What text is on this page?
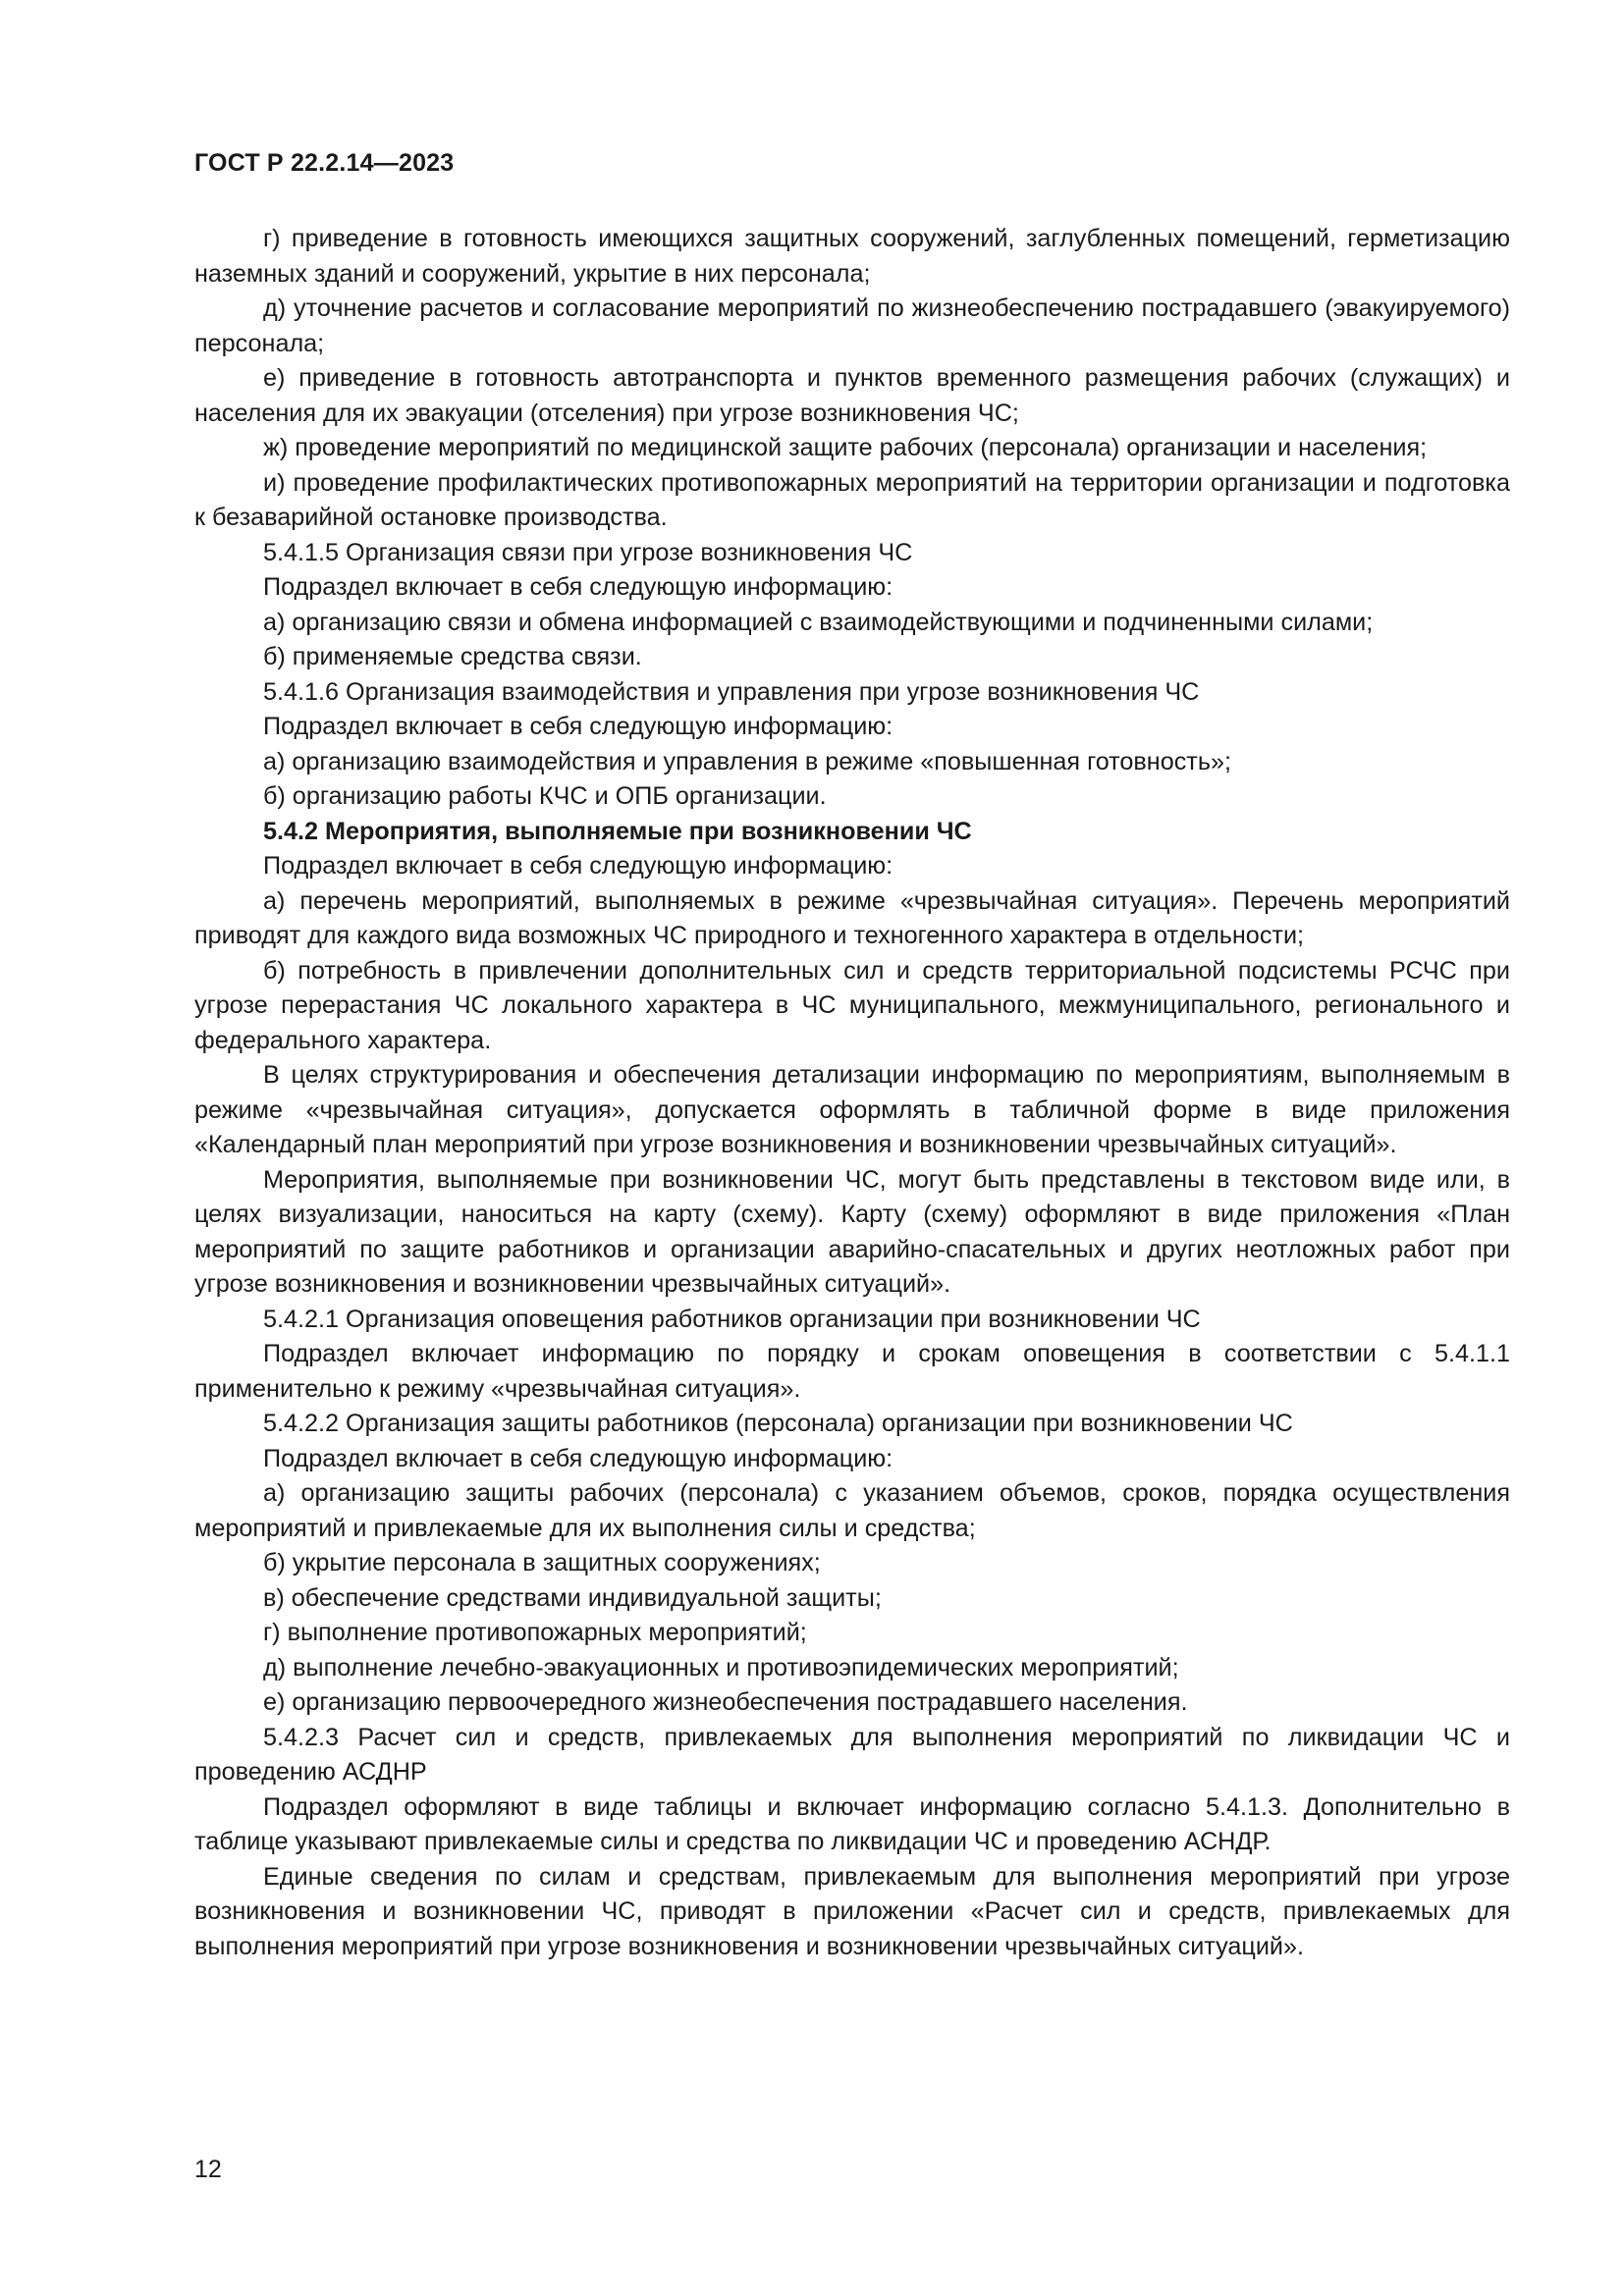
ГОСТ Р 22.2.14—2023

г) приведение в готовность имеющихся защитных сооружений, заглубленных помещений, герметизацию наземных зданий и сооружений, укрытие в них персонала;

д) уточнение расчетов и согласование мероприятий по жизнеобеспечению пострадавшего (эвакуируемого) персонала;

е) приведение в готовность автотранспорта и пунктов временного размещения рабочих (служащих) и населения для их эвакуации (отселения) при угрозе возникновения ЧС;

ж) проведение мероприятий по медицинской защите рабочих (персонала) организации и населения;

и) проведение профилактических противопожарных мероприятий на территории организации и подготовка к безаварийной остановке производства.

5.4.1.5 Организация связи при угрозе возникновения ЧС

Подраздел включает в себя следующую информацию:

а) организацию связи и обмена информацией с взаимодействующими и подчиненными силами;

б) применяемые средства связи.

5.4.1.6 Организация взаимодействия и управления при угрозе возникновения ЧС

Подраздел включает в себя следующую информацию:

а) организацию взаимодействия и управления в режиме «повышенная готовность»;

б) организацию работы КЧС и ОПБ организации.

5.4.2 Мероприятия, выполняемые при возникновении ЧС

Подраздел включает в себя следующую информацию:

а) перечень мероприятий, выполняемых в режиме «чрезвычайная ситуация». Перечень мероприятий приводят для каждого вида возможных ЧС природного и техногенного характера в отдельности;

б) потребность в привлечении дополнительных сил и средств территориальной подсистемы РСЧС при угрозе перерастания ЧС локального характера в ЧС муниципального, межмуниципального, регионального и федерального характера.

В целях структурирования и обеспечения детализации информацию по мероприятиям, выполняемым в режиме «чрезвычайная ситуация», допускается оформлять в табличной форме в виде приложения «Календарный план мероприятий при угрозе возникновения и возникновении чрезвычайных ситуаций».

Мероприятия, выполняемые при возникновении ЧС, могут быть представлены в текстовом виде или, в целях визуализации, наноситься на карту (схему). Карту (схему) оформляют в виде приложения «План мероприятий по защите работников и организации аварийно-спасательных и других неотложных работ при угрозе возникновения и возникновении чрезвычайных ситуаций».

5.4.2.1 Организация оповещения работников организации при возникновении ЧС

Подраздел включает информацию по порядку и срокам оповещения в соответствии с 5.4.1.1 применительно к режиму «чрезвычайная ситуация».

5.4.2.2 Организация защиты работников (персонала) организации при возникновении ЧС

Подраздел включает в себя следующую информацию:

а) организацию защиты рабочих (персонала) с указанием объемов, сроков, порядка осуществления мероприятий и привлекаемые для их выполнения силы и средства;

б) укрытие персонала в защитных сооружениях;

в) обеспечение средствами индивидуальной защиты;

г) выполнение противопожарных мероприятий;

д) выполнение лечебно-эвакуационных и противоэпидемических мероприятий;

е) организацию первоочередного жизнеобеспечения пострадавшего населения.

5.4.2.3 Расчет сил и средств, привлекаемых для выполнения мероприятий по ликвидации ЧС и проведению АСДНР

Подраздел оформляют в виде таблицы и включает информацию согласно 5.4.1.3. Дополнительно в таблице указывают привлекаемые силы и средства по ликвидации ЧС и проведению АСНДР.

Единые сведения по силам и средствам, привлекаемым для выполнения мероприятий при угрозе возникновения и возникновении ЧС, приводят в приложении «Расчет сил и средств, привлекаемых для выполнения мероприятий при угрозе возникновения и возникновении чрезвычайных ситуаций».

12
